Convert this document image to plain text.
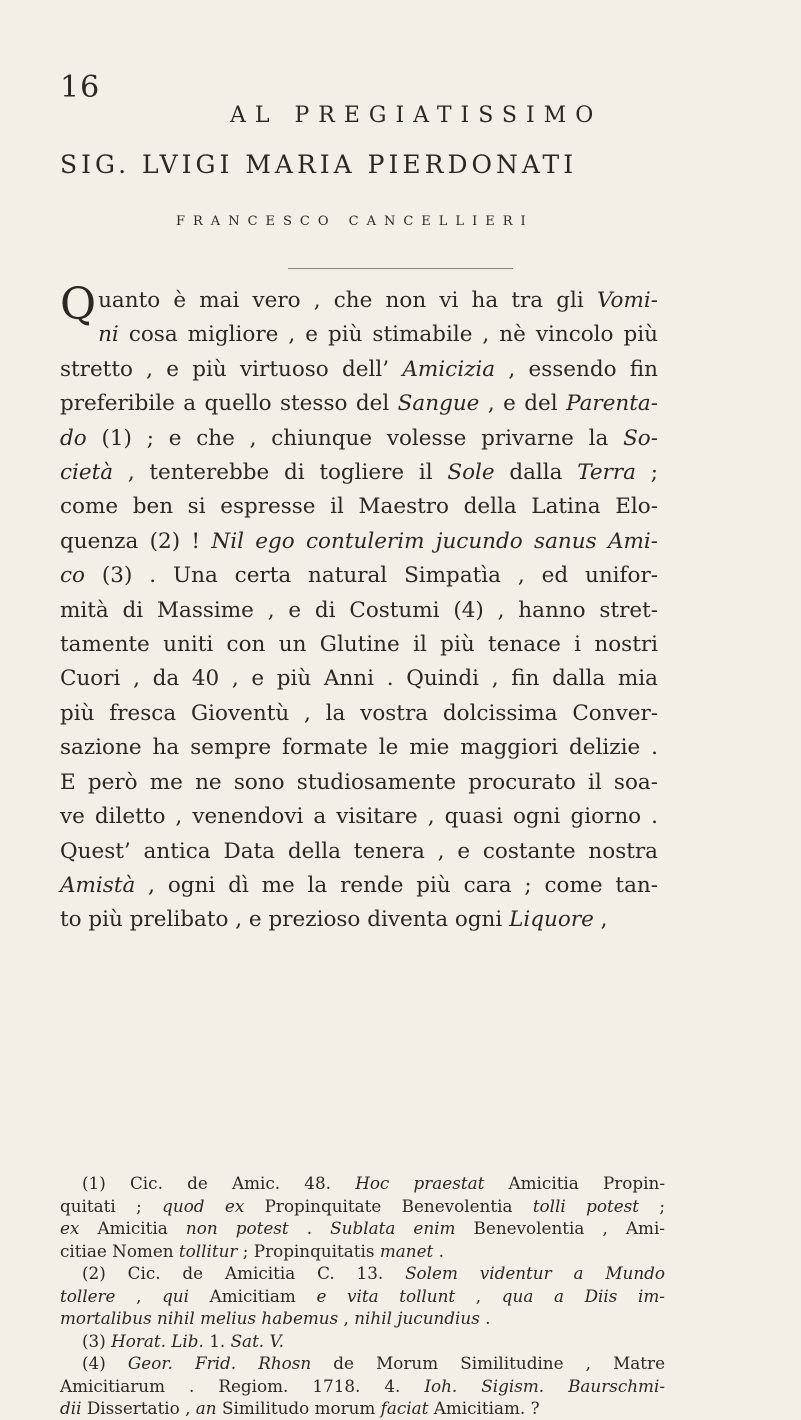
16
AL PREGIATISSIMO
SIG. LVIGI MARIA PIERDONATI
FRANCESCO CANCELLIERI
Quanto è mai vero , che non vi ha tra gli Vomi-
ni cosa migliore , e più stimabile , nè vincolo più
stretto , e più virtuoso dell’ Amicizia , essendo fin
preferibile a quello stesso del Sangue , e del Parenta-
do (1) ; e che , chiunque volesse privarne la So-
cietà , tenterebbe di togliere il Sole dalla Terra ;
come ben si espresse il Maestro della Latina Elo-
quenza (2) ! Nil ego contulerim jucundo sanus Ami-
co (3) . Una certa natural Simpatìa , ed unifor-
mità di Massime , e di Costumi (4) , hanno stret-
tamente uniti con un Glutine il più tenace i nostri
Cuori , da 40 , e più Anni . Quindi , fin dalla mia
più fresca Gioventù , la vostra dolcissima Conver-
sazione ha sempre formate le mie maggiori delizie .
E però me ne sono studiosamente procurato il soa-
ve diletto , venendovi a visitare , quasi ogni giorno .
Quest’ antica Data della tenera , e costante nostra
Amistà , ogni dì me la rende più cara ; come tan-
to più prelibato , e prezioso diventa ogni Liquore ,
(1) Cic. de Amic. 48. Hoc praestat Amicitia Propin-
quitati ; quod ex Propinquitate Benevolentia tolli potest ;
ex Amicitia non potest . Sublata enim Benevolentia , Ami-
citiae Nomen tollitur ; Propinquitatis manet .
(2) Cic. de Amicitia C. 13. Solem videntur a Mundo
tollere , qui Amicitiam e vita tollunt , qua a Diis im-
mortalibus nihil melius habemus , nihil jucundius .
(3) Horat. Lib. 1. Sat. V.
(4) Geor. Frid. Rhosn de Morum Similitudine , Matre
Amicitiarum . Regiom. 1718. 4. Ioh. Sigism. Baurschmi-
dii Dissertatio , an Similitudo morum faciat Amicitiam. ?
